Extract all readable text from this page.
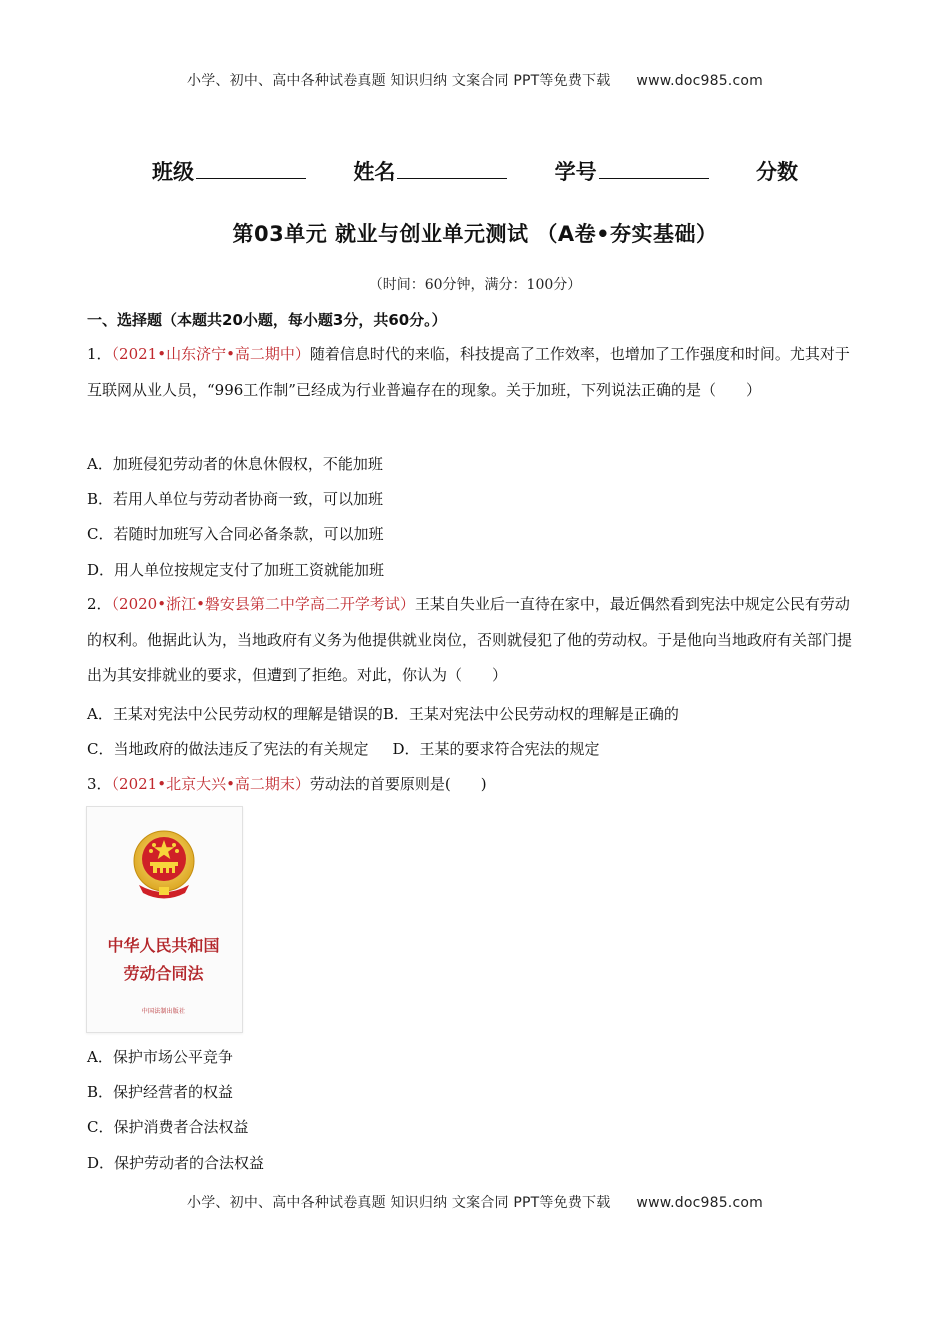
小学、初中、高中各种试卷真题 知识归纳 文案合同 PPT等免费下载 www.doc985.com
班级	姓名	学号	分数
第03单元 就业与创业单元测试 （A卷•夯实基础）
（时间：60分钟，满分：100分）
一、选择题（本题共20小题，每小题3分，共60分。）

1．（2021•山东济宁•高二期中）随着信息时代的来临，科技提高了工作效率，也增加了工作强度和时间。尤其对于互联网从业人员，“996工作制”已经成为行业普遍存在的现象。关于加班，下列说法正确的是（　　）

A．加班侵犯劳动者的休息休假权，不能加班

B．若用人单位与劳动者协商一致，可以加班

C．若随时加班写入合同必备条款，可以加班

D．用人单位按规定支付了加班工资就能加班

2．（2020•浙江•磐安县第二中学高二开学考试）王某自失业后一直待在家中，最近偶然看到宪法中规定公民有劳动的权利。他据此认为，当地政府有义务为他提供就业岗位，否则就侵犯了他的劳动权。于是他向当地政府有关部门提出为其安排就业的要求，但遭到了拒绝。对此，你认为（　　）

A．王某对宪法中公民劳动权的理解是错误的B．王某对宪法中公民劳动权的理解是正确的

C．当地政府的做法违反了宪法的有关规定 D．王某的要求符合宪法的规定

3．（2021•北京大兴•高二期末）劳动法的首要原则是(　　)

中华人民共和国
劳动合同法
中国法制出版社

A．保护市场公平竞争

B．保护经营者的权益

C．保护消费者合法权益

D．保护劳动者的合法权益

小学、初中、高中各种试卷真题 知识归纳 文案合同 PPT等免费下载 www.doc985.com
